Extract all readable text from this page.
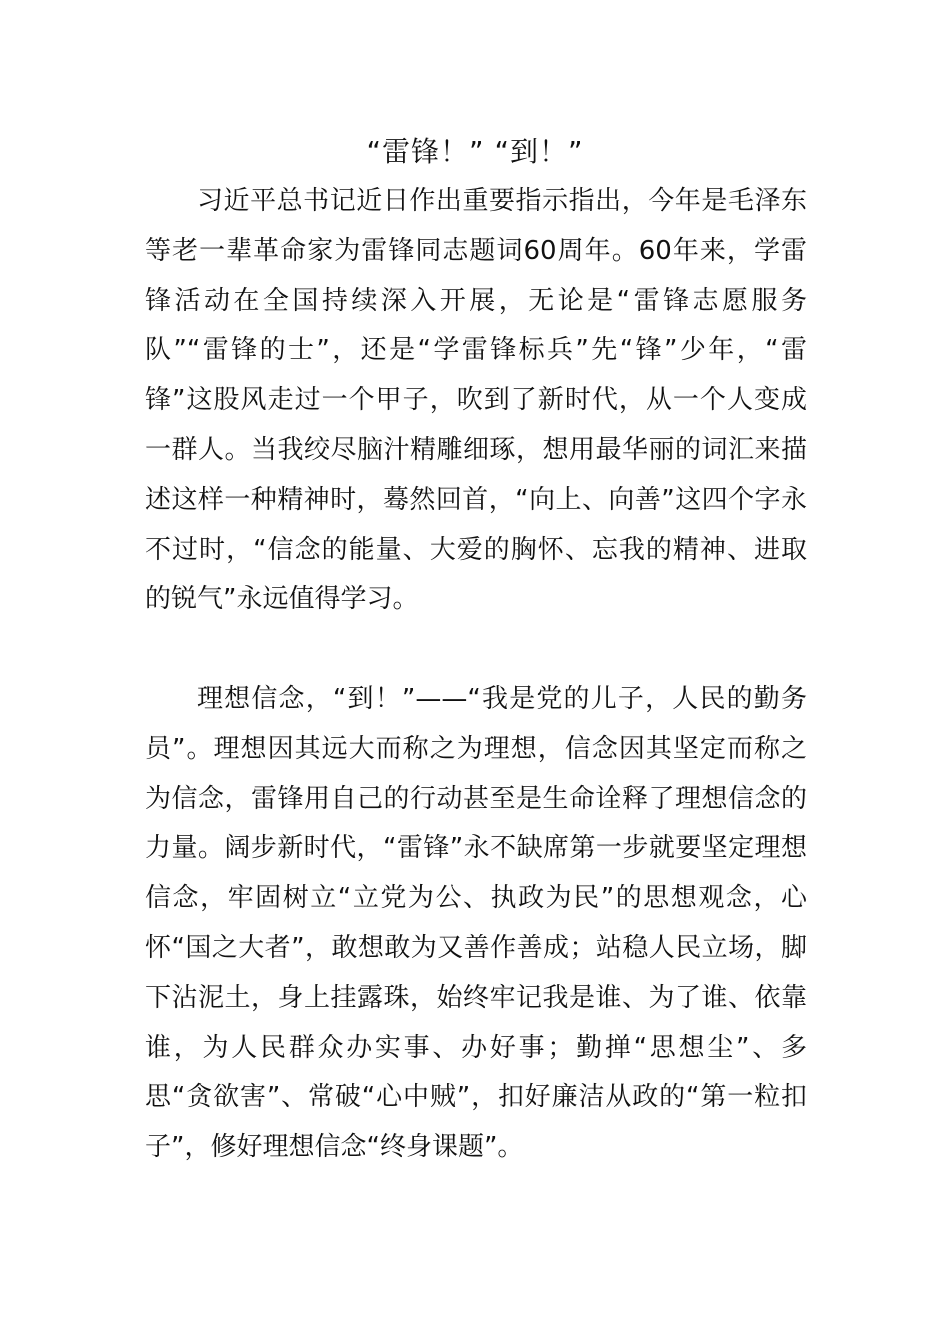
“雷锋！” “到！”

习近平总书记近日作出重要指示指出，今年是毛泽东等老一辈革命家为雷锋同志题词60周年。60年来，学雷锋活动在全国持续深入开展，无论是“雷锋志愿服务队”“雷锋的士”，还是“学雷锋标兵”先“锋”少年，“雷锋”这股风走过一个甲子，吹到了新时代，从一个人变成一群人。当我绞尽脑汁精雕细琢，想用最华丽的词汇来描述这样一种精神时，蓦然回首，“向上、向善”这四个字永不过时，“信念的能量、大爱的胸怀、忘我的精神、进取的锐气”永远值得学习。

理想信念，“到！”——“我是党的儿子，人民的勤务员”。理想因其远大而称之为理想，信念因其坚定而称之为信念，雷锋用自己的行动甚至是生命诠释了理想信念的力量。阔步新时代，“雷锋”永不缺席第一步就要坚定理想信念，牢固树立“立党为公、执政为民”的思想观念，心怀“国之大者”，敢想敢为又善作善成；站稳人民立场，脚下沾泥土，身上挂露珠，始终牢记我是谁、为了谁、依靠谁，为人民群众办实事、办好事；勤掸“思想尘”、多思“贪欲害”、常破“心中贼”，扣好廉洁从政的“第一粒扣子”，修好理想信念“终身课题”。
